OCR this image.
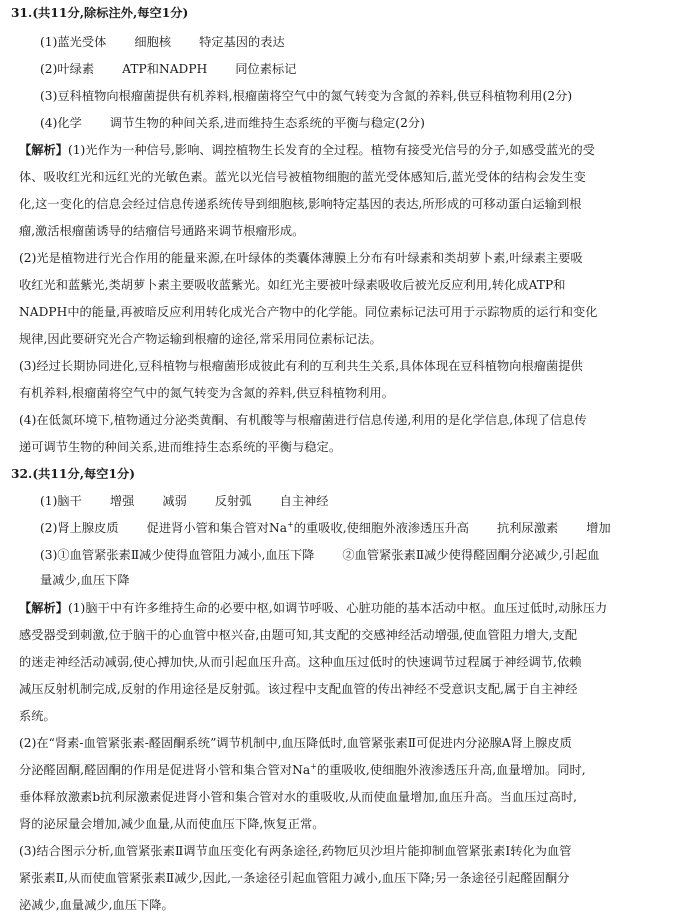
31.(共11分,除标注外,每空1分)
(1)蓝光受体 细胞核 特定基因的表达
(2)叶绿素 ATP和NADPH 同位素标记
(3)豆科植物向根瘤菌提供有机养料,根瘤菌将空气中的氮气转变为含氮的养料,供豆科植物利用(2分)
(4)化学 调节生物的种间关系,进而维持生态系统的平衡与稳定(2分)
【解析】(1)光作为一种信号,影响、调控植物生长发育的全过程。植物有接受光信号的分子,如感受蓝光的受
体、吸收红光和远红光的光敏色素。蓝光以光信号被植物细胞的蓝光受体感知后,蓝光受体的结构会发生变
化,这一变化的信息会经过信息传递系统传导到细胞核,影响特定基因的表达,所形成的可移动蛋白运输到根
瘤,激活根瘤菌诱导的结瘤信号通路来调节根瘤形成。
(2)光是植物进行光合作用的能量来源,在叶绿体的类囊体薄膜上分布有叶绿素和类胡萝卜素,叶绿素主要吸
收红光和蓝紫光,类胡萝卜素主要吸收蓝紫光。如红光主要被叶绿素吸收后被光反应利用,转化成ATP和
NADPH中的能量,再被暗反应利用转化成光合产物中的化学能。同位素标记法可用于示踪物质的运行和变化
规律,因此要研究光合产物运输到根瘤的途径,常采用同位素标记法。
(3)经过长期协同进化,豆科植物与根瘤菌形成彼此有利的互利共生关系,具体体现在豆科植物向根瘤菌提供
有机养料,根瘤菌将空气中的氮气转变为含氮的养料,供豆科植物利用。
(4)在低氮环境下,植物通过分泌类黄酮、有机酸等与根瘤菌进行信息传递,利用的是化学信息,体现了信息传
递可调节生物的种间关系,进而维持生态系统的平衡与稳定。
32.(共11分,每空1分)
(1)脑干 增强 减弱 反射弧 自主神经
(2)肾上腺皮质 促进肾小管和集合管对Na+的重吸收,使细胞外液渗透压升高 抗利尿激素 增加
(3)①血管紧张素Ⅱ减少使得血管阻力减小,血压下降 ②血管紧张素Ⅱ减少使得醛固酮分泌减少,引起血
量减少,血压下降
【解析】(1)脑干中有许多维持生命的必要中枢,如调节呼吸、心脏功能的基本活动中枢。血压过低时,动脉压力
感受器受到刺激,位于脑干的心血管中枢兴奋,由题可知,其支配的交感神经活动增强,使血管阻力增大,支配
的迷走神经活动减弱,使心搏加快,从而引起血压升高。这种血压过低时的快速调节过程属于神经调节,依赖
减压反射机制完成,反射的作用途径是反射弧。该过程中支配血管的传出神经不受意识支配,属于自主神经
系统。
(2)在“肾素-血管紧张素-醛固酮系统”调节机制中,血压降低时,血管紧张素Ⅱ可促进内分泌腺A肾上腺皮质
分泌醛固酮,醛固酮的作用是促进肾小管和集合管对Na+的重吸收,使细胞外液渗透压升高,血量增加。同时,
垂体释放激素b抗利尿激素促进肾小管和集合管对水的重吸收,从而使血量增加,血压升高。当血压过高时,
肾的泌尿量会增加,减少血量,从而使血压下降,恢复正常。
(3)结合图示分析,血管紧张素Ⅱ调节血压变化有两条途径,药物厄贝沙坦片能抑制血管紧张素Ⅰ转化为血管
紧张素Ⅱ,从而使血管紧张素Ⅱ减少,因此,一条途径引起血管阻力减小,血压下降;另一条途径引起醛固酮分
泌减少,血量减少,血压下降。
